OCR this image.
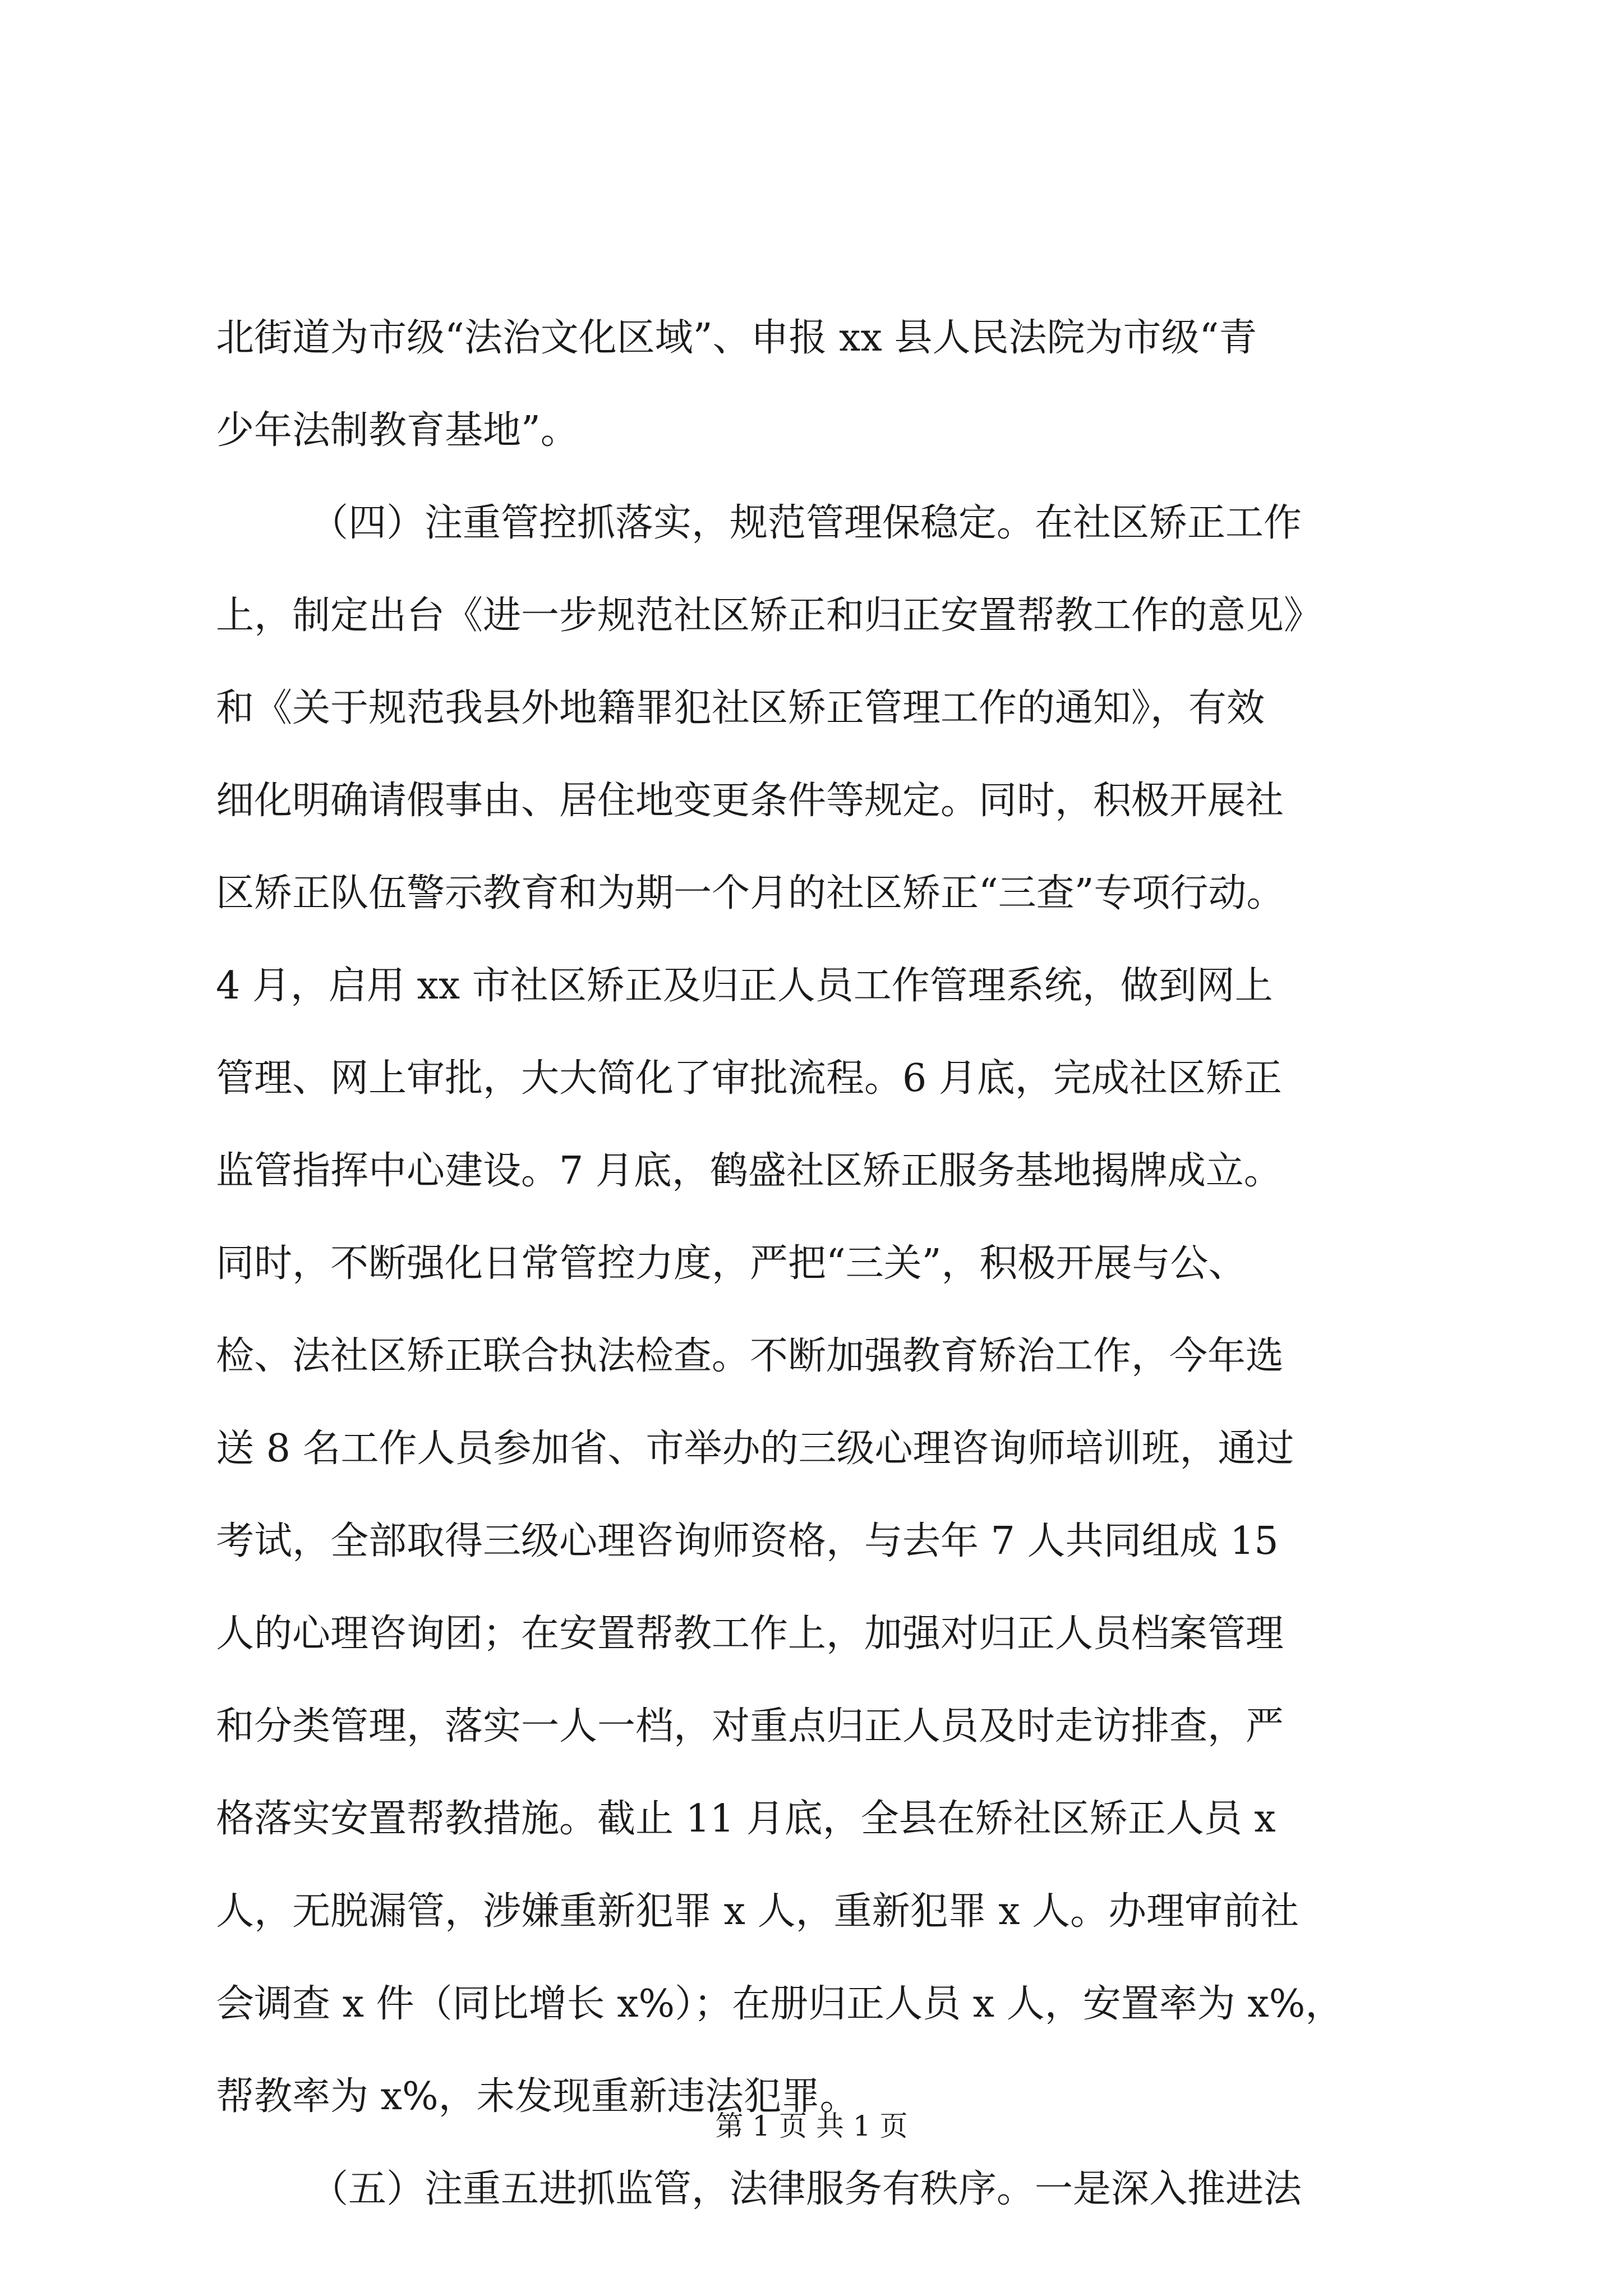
北街道为市级“法治文化区域”、申报 xx 县人民法院为市级“青
少年法制教育基地”。
（四）注重管控抓落实，规范管理保稳定。在社区矫正工作
上，制定出台《进一步规范社区矫正和归正安置帮教工作的意见》
和《关于规范我县外地籍罪犯社区矫正管理工作的通知》，有效
细化明确请假事由、居住地变更条件等规定。同时，积极开展社
区矫正队伍警示教育和为期一个月的社区矫正“三查”专项行动。
4 月，启用 xx 市社区矫正及归正人员工作管理系统，做到网上
管理、网上审批，大大简化了审批流程。6 月底，完成社区矫正
监管指挥中心建设。7 月底，鹤盛社区矫正服务基地揭牌成立。
同时，不断强化日常管控力度，严把“三关”，积极开展与公、
检、法社区矫正联合执法检查。不断加强教育矫治工作，今年选
送 8 名工作人员参加省、市举办的三级心理咨询师培训班，通过
考试，全部取得三级心理咨询师资格，与去年 7 人共同组成 15
人的心理咨询团；在安置帮教工作上，加强对归正人员档案管理
和分类管理，落实一人一档，对重点归正人员及时走访排查，严
格落实安置帮教措施。截止 11 月底，全县在矫社区矫正人员 x
人，无脱漏管，涉嫌重新犯罪 x 人，重新犯罪 x 人。办理审前社
会调查 x 件（同比增长 x%）；在册归正人员 x 人，安置率为 x%，
帮教率为 x%，未发现重新违法犯罪。
（五）注重五进抓监管，法律服务有秩序。一是深入推进法
第 1 页 共 1 页
